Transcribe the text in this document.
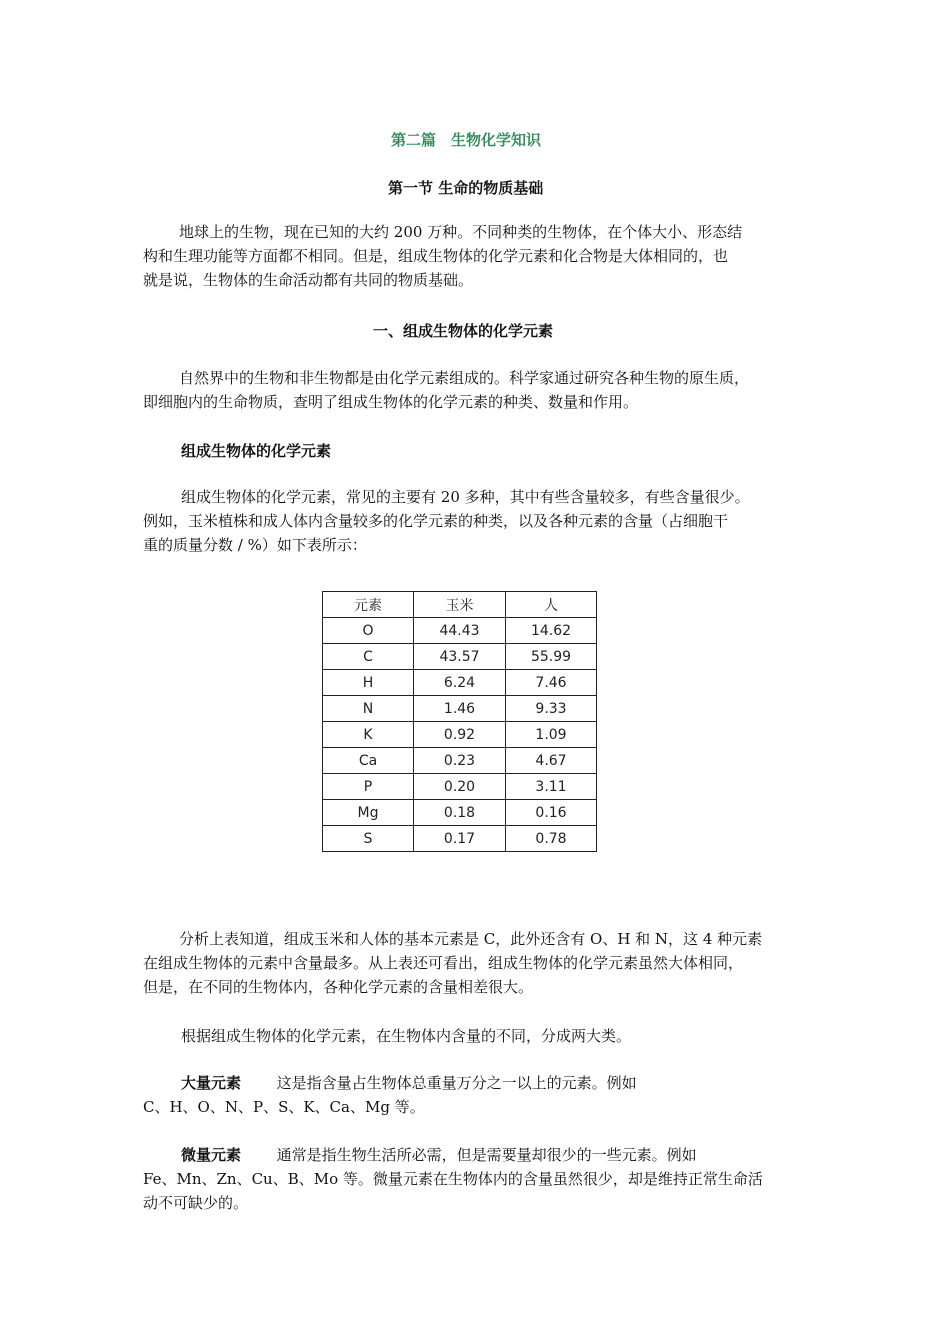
第二篇　生物化学知识
第一节 生命的物质基础
地球上的生物，现在已知的大约 200 万种。不同种类的生物体，在个体大小、形态结
构和生理功能等方面都不相同。但是，组成生物体的化学元素和化合物是大体相同的，也
就是说，生物体的生命活动都有共同的物质基础。
一、组成生物体的化学元素
自然界中的生物和非生物都是由化学元素组成的。科学家通过研究各种生物的原生质，
即细胞内的生命物质，查明了组成生物体的化学元素的种类、数量和作用。
组成生物体的化学元素
组成生物体的化学元素，常见的主要有 20 多种，其中有些含量较多，有些含量很少。
例如，玉米植株和成人体内含量较多的化学元素的种类，以及各种元素的含量（占细胞干
重的质量分数 / %）如下表所示：
元素	玉米	人
O	44.43	14.62
C	43.57	55.99
H	6.24	7.46
N	1.46	9.33
K	0.92	1.09
Ca	0.23	4.67
P	0.20	3.11
Mg	0.18	0.16
S	0.17	0.78
分析上表知道，组成玉米和人体的基本元素是 C，此外还含有 O、H 和 N，这 4 种元素
在组成生物体的元素中含量最多。从上表还可看出，组成生物体的化学元素虽然大体相同，
但是，在不同的生物体内，各种化学元素的含量相差很大。
根据组成生物体的化学元素，在生物体内含量的不同，分成两大类。
大量元素 这是指含量占生物体总重量万分之一以上的元素。例如
C、H、O、N、P、S、K、Ca、Mg 等。
微量元素 通常是指生物生活所必需，但是需要量却很少的一些元素。例如
Fe、Mn、Zn、Cu、B、Mo 等。微量元素在生物体内的含量虽然很少，却是维持正常生命活
动不可缺少的。
